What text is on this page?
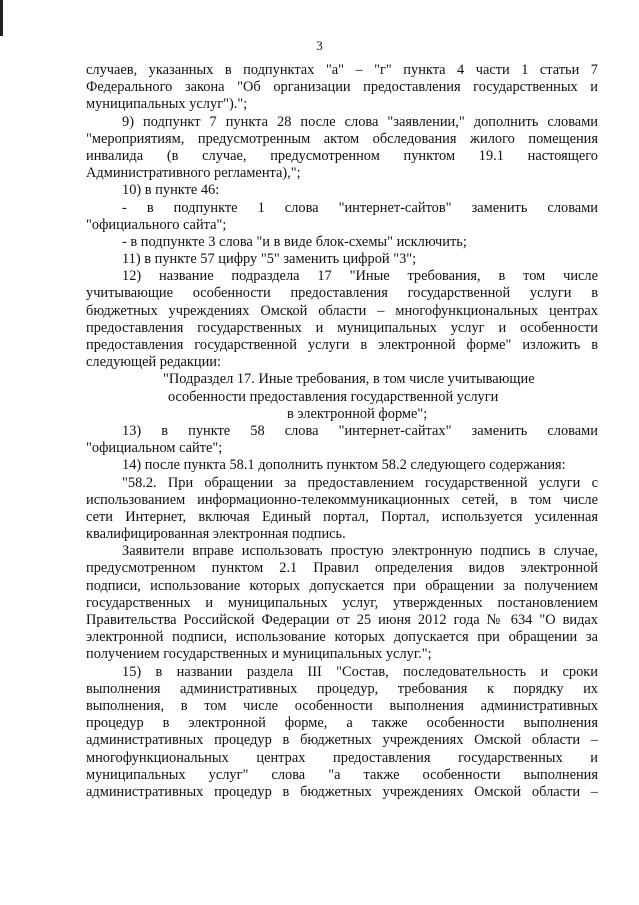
3
случаев, указанных в подпунктах "а" – "г" пункта 4 части 1 статьи 7
Федерального закона "Об организации предоставления государственных и
муниципальных услуг").";
9) подпункт 7 пункта 28 после слова "заявлении," дополнить словами
"мероприятиям, предусмотренным актом обследования жилого помещения
инвалида (в случае, предусмотренном пунктом 19.1 настоящего
Административного регламента),";
10) в пункте 46:
- в подпункте 1 слова "интернет-сайтов" заменить словами
"официального сайта";
- в подпункте 3 слова "и в виде блок-схемы" исключить;
11) в пункте 57 цифру "5" заменить цифрой "3";
12) название подраздела 17 "Иные требования, в том числе
учитывающие особенности предоставления государственной услуги в
бюджетных учреждениях Омской области – многофункциональных центрах
предоставления государственных и муниципальных услуг и особенности
предоставления государственной услуги в электронной форме" изложить в
следующей редакции:
"Подраздел 17. Иные требования, в том числе учитывающие
особенности предоставления государственной услуги
в электронной форме";
13) в пункте 58 слова "интернет-сайтах" заменить словами
"официальном сайте";
14) после пункта 58.1 дополнить пунктом 58.2 следующего содержания:
"58.2. При обращении за предоставлением государственной услуги с
использованием информационно-телекоммуникационных сетей, в том числе
сети Интернет, включая Единый портал, Портал, используется усиленная
квалифицированная электронная подпись.
Заявители вправе использовать простую электронную подпись в случае,
предусмотренном пунктом 2.1 Правил определения видов электронной
подписи, использование которых допускается при обращении за получением
государственных и муниципальных услуг, утвержденных постановлением
Правительства Российской Федерации от 25 июня 2012 года № 634 "О видах
электронной подписи, использование которых допускается при обращении за
получением государственных и муниципальных услуг.";
15) в названии раздела III "Состав, последовательность и сроки
выполнения административных процедур, требования к порядку их
выполнения, в том числе особенности выполнения административных
процедур в электронной форме, а также особенности выполнения
административных процедур в бюджетных учреждениях Омской области –
многофункциональных центрах предоставления государственных и
муниципальных услуг" слова "а также особенности выполнения
административных процедур в бюджетных учреждениях Омской области –
